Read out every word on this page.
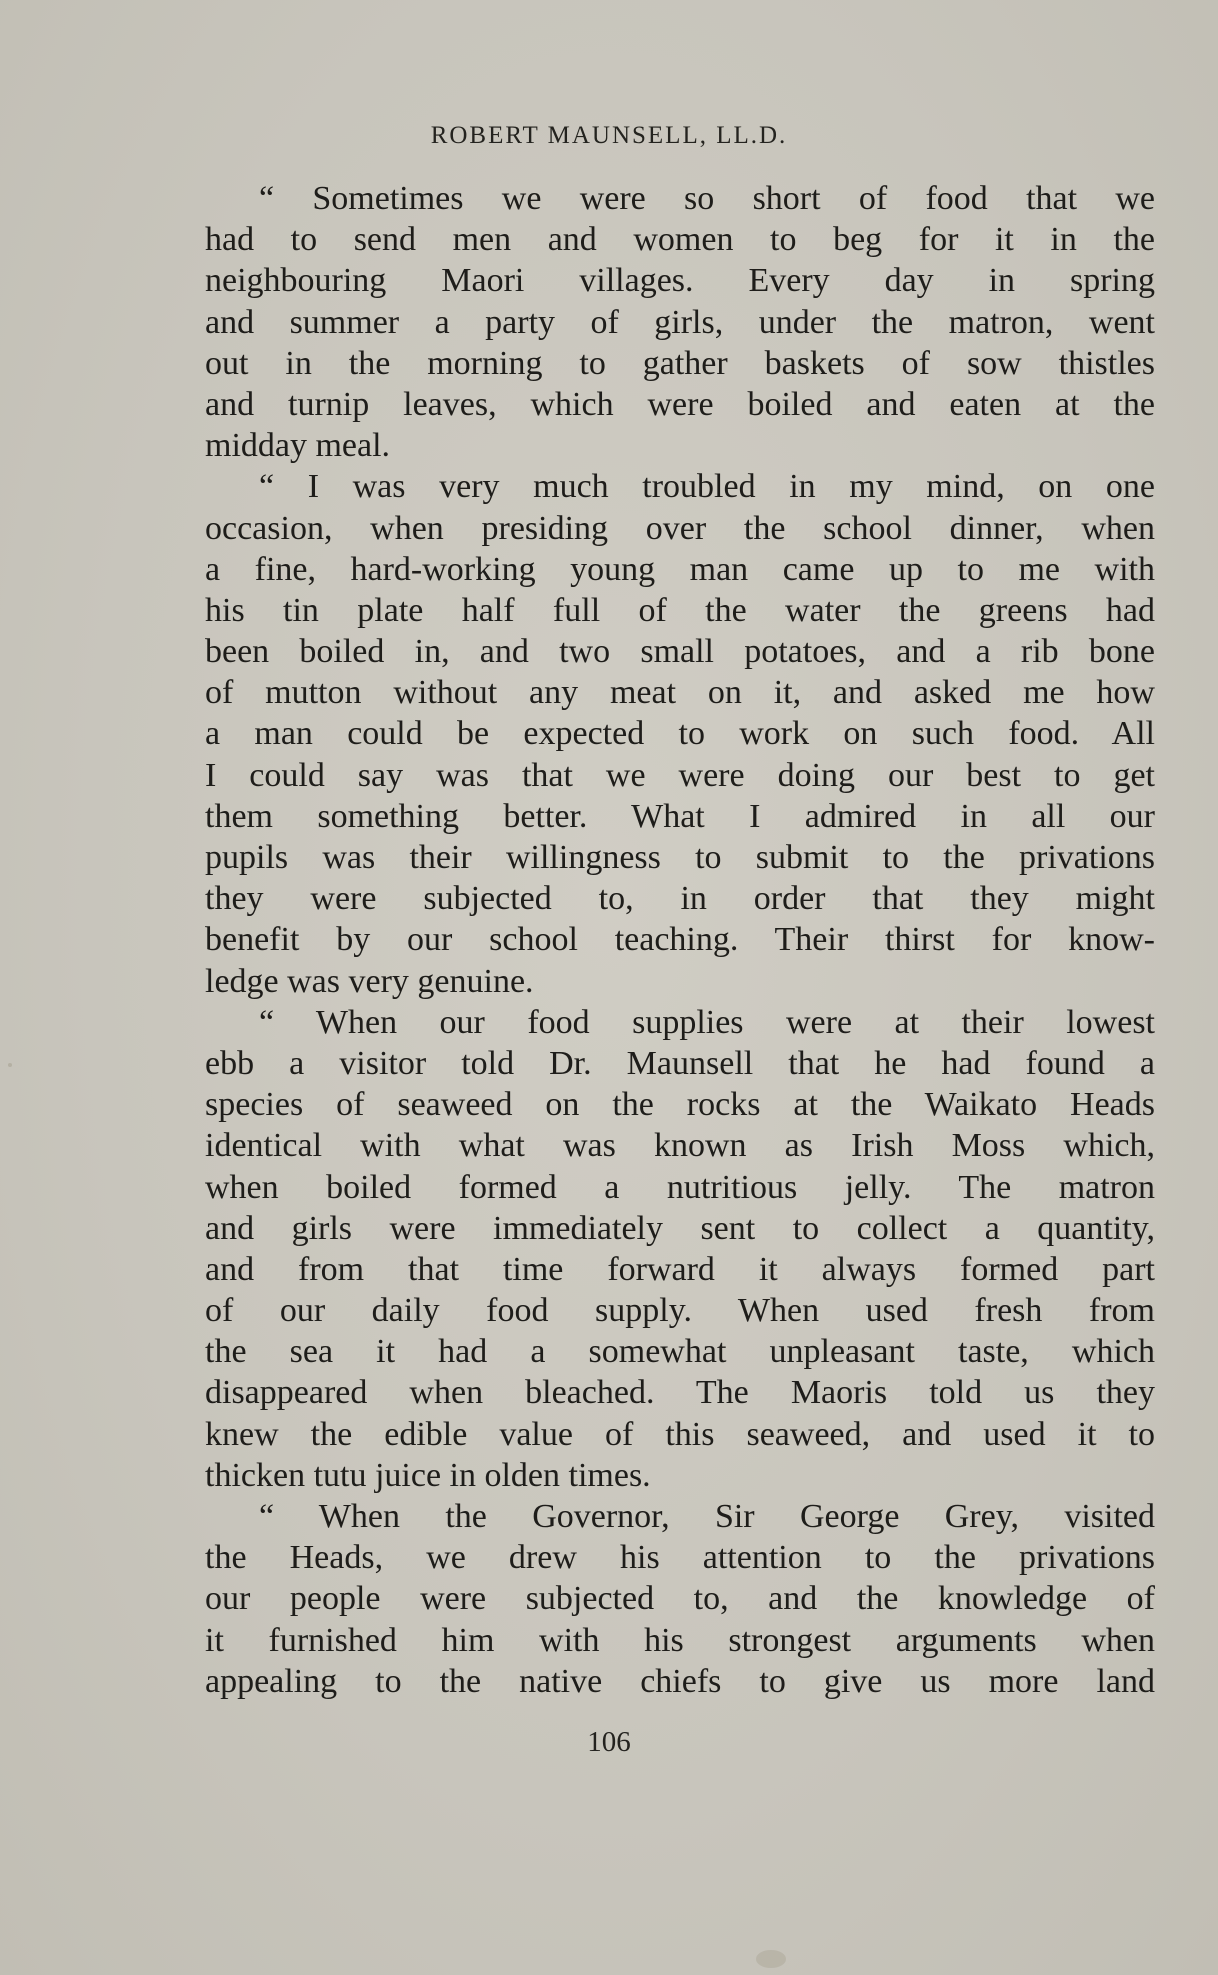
ROBERT MAUNSELL, LL.D.
“ Sometimes we were so short of food that we
had to send men and women to beg for it in the
neighbouring Maori villages. Every day in spring
and summer a party of girls, under the matron, went
out in the morning to gather baskets of sow thistles
and turnip leaves, which were boiled and eaten at the
midday meal.
“ I was very much troubled in my mind, on one
occasion, when presiding over the school dinner, when
a fine, hard-working young man came up to me with
his tin plate half full of the water the greens had
been boiled in, and two small potatoes, and a rib bone
of mutton without any meat on it, and asked me how
a man could be expected to work on such food. All
I could say was that we were doing our best to get
them something better. What I admired in all our
pupils was their willingness to submit to the privations
they were subjected to, in order that they might
benefit by our school teaching. Their thirst for know-
ledge was very genuine.
“ When our food supplies were at their lowest
ebb a visitor told Dr. Maunsell that he had found a
species of seaweed on the rocks at the Waikato Heads
identical with what was known as Irish Moss which,
when boiled formed a nutritious jelly. The matron
and girls were immediately sent to collect a quantity,
and from that time forward it always formed part
of our daily food supply. When used fresh from
the sea it had a somewhat unpleasant taste, which
disappeared when bleached. The Maoris told us they
knew the edible value of this seaweed, and used it to
thicken tutu juice in olden times.
“ When the Governor, Sir George Grey, visited
the Heads, we drew his attention to the privations
our people were subjected to, and the knowledge of
it furnished him with his strongest arguments when
appealing to the native chiefs to give us more land
106
